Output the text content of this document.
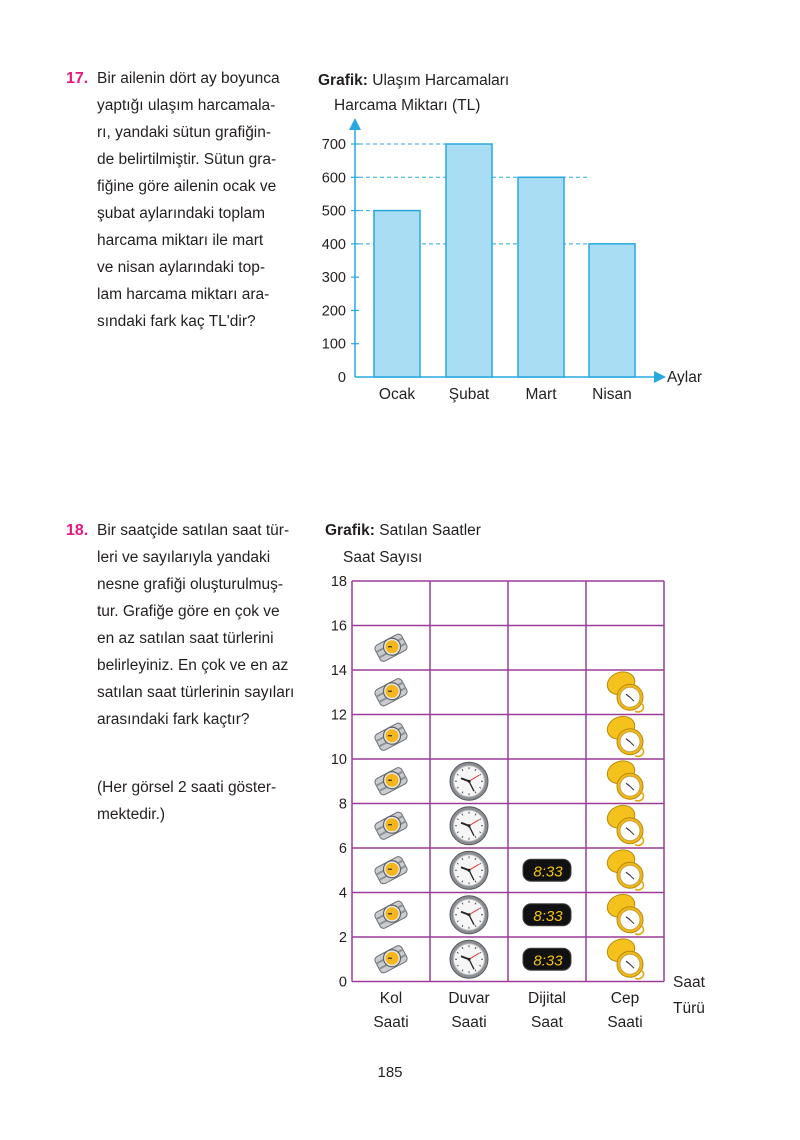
17. Bir ailenin dört ay boyunca
yaptığı ulaşım harcamala-
rı, yandaki sütun grafiğin-
de belirtilmiştir. Sütun gra-
fiğine göre ailenin ocak ve
şubat aylarındaki toplam
harcama miktarı ile mart
ve nisan aylarındaki top-
lam harcama miktarı ara-
sındaki fark kaç TL'dir?
Grafik: Ulaşım Harcamaları
Harcama Miktarı (TL)
Aylar
0
100
200
300
400
500
600
700
Ocak Şubat Mart Nisan
18. Bir saatçide satılan saat tür-
leri ve sayılarıyla yandaki
nesne grafiği oluşturulmuş-
tur. Grafiğe göre en çok ve
en az satılan saat türlerini
belirleyiniz. En çok ve en az
satılan saat türlerinin sayıları
arasındaki fark kaçtır?
(Her görsel 2 saati göster-
mektedir.)
Grafik: Satılan Saatler
Saat Sayısı
Saat
Türü
0
2
4
6
8
10
12
14
16
18
Kol
Saati
Duvar
Saati
Dijital
Saat
Cep
Saati
8:33
8:33
8:33
185
